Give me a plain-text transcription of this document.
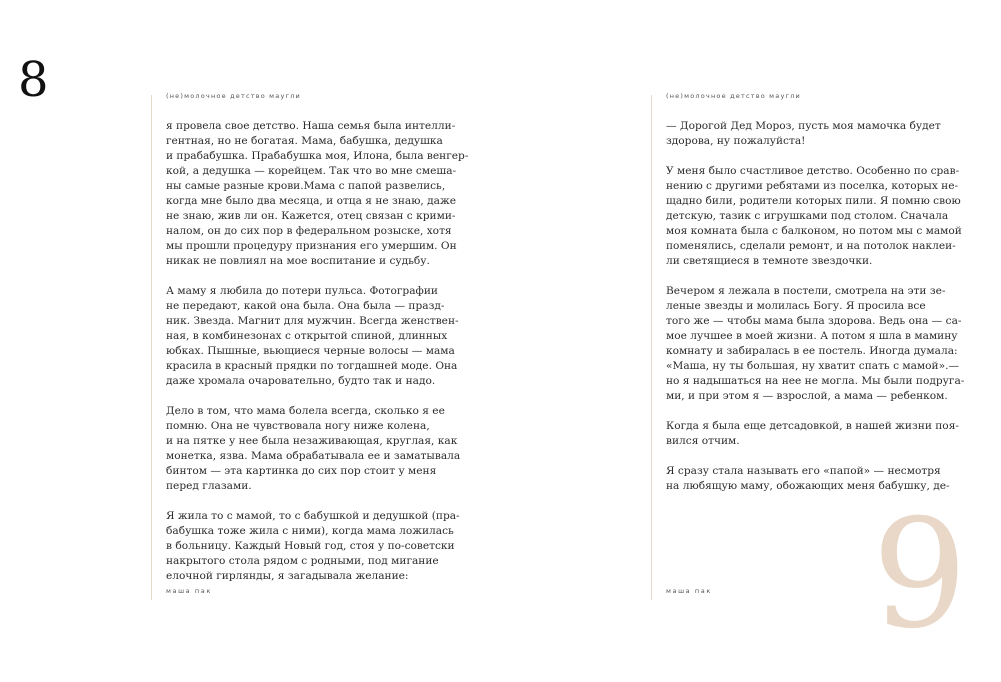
8
9
(не)молочное детство маугли	(не)молочное детство маугли
маша пак	маша пак
я провела свое детство. Наша семья была интелли-
гентная, но не богатая. Мама, бабушка, дедушка
и прабабушка. Прабабушка моя, Илона, была венгер-
кой, а дедушка — корейцем. Так что во мне смеша-
ны самые разные крови.Мама с папой развелись,
когда мне было два месяца, и отца я не знаю, даже
не знаю, жив ли он. Кажется, отец связан с крими-
налом, он до сих пор в федеральном розыске, хотя
мы прошли процедуру признания его умершим. Он
никак не повлиял на мое воспитание и судьбу.
А маму я любила до потери пульса. Фотографии
не передают, какой она была. Она была — празд-
ник. Звезда. Магнит для мужчин. Всегда женствен-
ная, в комбинезонах с открытой спиной, длинных
юбках. Пышные, вьющиеся черные волосы — мама
красила в красный прядки по тогдашней моде. Она
даже хромала очаровательно, будто так и надо.
Дело в том, что мама болела всегда, сколько я ее
помню. Она не чувствовала ногу ниже колена,
и на пятке у нее была незаживающая, круглая, как
монетка, язва. Мама обрабатывала ее и заматывала
бинтом — эта картинка до сих пор стоит у меня
перед глазами.
Я жила то с мамой, то с бабушкой и дедушкой (пра-
бабушка тоже жила с ними), когда мама ложилась
в больницу. Каждый Новый год, стоя у по-советски
накрытого стола рядом с родными, под мигание
елочной гирлянды, я загадывала желание:
— Дорогой Дед Мороз, пусть моя мамочка будет
здорова, ну пожалуйста!
У меня было счастливое детство. Особенно по срав-
нению с другими ребятами из поселка, которых не-
щадно били, родители которых пили. Я помню свою
детскую, тазик с игрушками под столом. Сначала
моя комната была с балконом, но потом мы с мамой
поменялись, сделали ремонт, и на потолок наклеи-
ли светящиеся в темноте звездочки.
Вечером я лежала в постели, смотрела на эти зе-
леные звезды и молилась Богу. Я просила все
того же — чтобы мама была здорова. Ведь она — са-
мое лучшее в моей жизни. А потом я шла в мамину
комнату и забиралась в ее постель. Иногда думала:
«Маша, ну ты большая, ну хватит спать с мамой».—
но я надышаться на нее не могла. Мы были подруга-
ми, и при этом я — взрослой, а мама — ребенком.
Когда я была еще детсадовкой, в нашей жизни поя-
вился отчим.
Я сразу стала называть его «папой» — несмотря
на любящую маму, обожающих меня бабушку, де-
